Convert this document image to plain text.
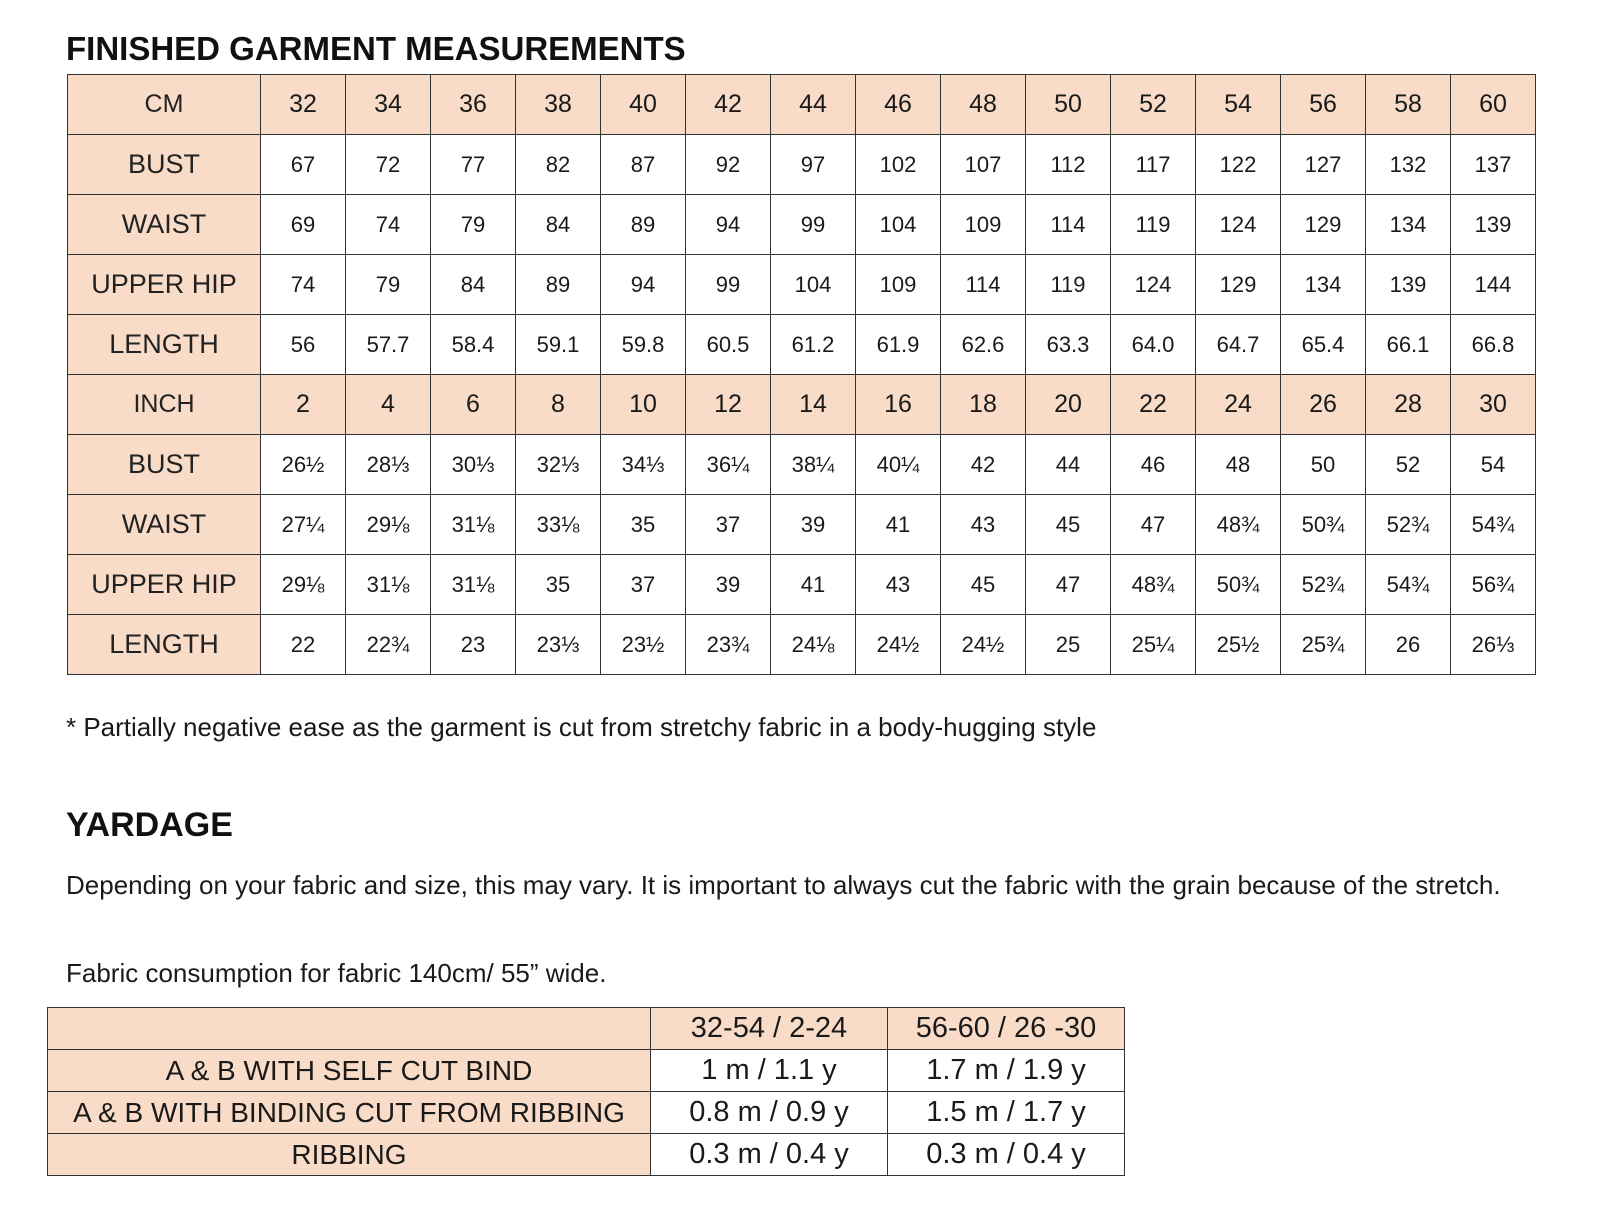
FINISHED GARMENT MEASUREMENTS
CM	32	34	36	38	40	42	44	46	48	50	52	54	56	58	60
BUST	67	72	77	82	87	92	97	102	107	112	117	122	127	132	137
WAIST	69	74	79	84	89	94	99	104	109	114	119	124	129	134	139
UPPER HIP	74	79	84	89	94	99	104	109	114	119	124	129	134	139	144
LENGTH	56	57.7	58.4	59.1	59.8	60.5	61.2	61.9	62.6	63.3	64.0	64.7	65.4	66.1	66.8
INCH	2	4	6	8	10	12	14	16	18	20	22	24	26	28	30
BUST	26½	28⅓	30⅓	32⅓	34⅓	36¼	38¼	40¼	42	44	46	48	50	52	54
WAIST	27¼	29⅛	31⅛	33⅛	35	37	39	41	43	45	47	48¾	50¾	52¾	54¾
UPPER HIP	29⅛	31⅛	31⅛	35	37	39	41	43	45	47	48¾	50¾	52¾	54¾	56¾
LENGTH	22	22¾	23	23⅓	23½	23¾	24⅛	24½	24½	25	25¼	25½	25¾	26	26⅓
* Partially negative ease as the garment is cut from stretchy fabric in a body-hugging style
YARDAGE
Depending on your fabric and size, this may vary. It is important to always cut the fabric with the grain because of the stretch.
Fabric consumption for fabric 140cm/ 55” wide.
	32-54 / 2-24	56-60 / 26 -30
A & B WITH SELF CUT BIND	1 m / 1.1 y	1.7 m / 1.9 y
A & B WITH BINDING CUT FROM RIBBING	0.8 m / 0.9 y	1.5 m / 1.7 y
RIBBING	0.3 m / 0.4 y	0.3 m / 0.4 y
